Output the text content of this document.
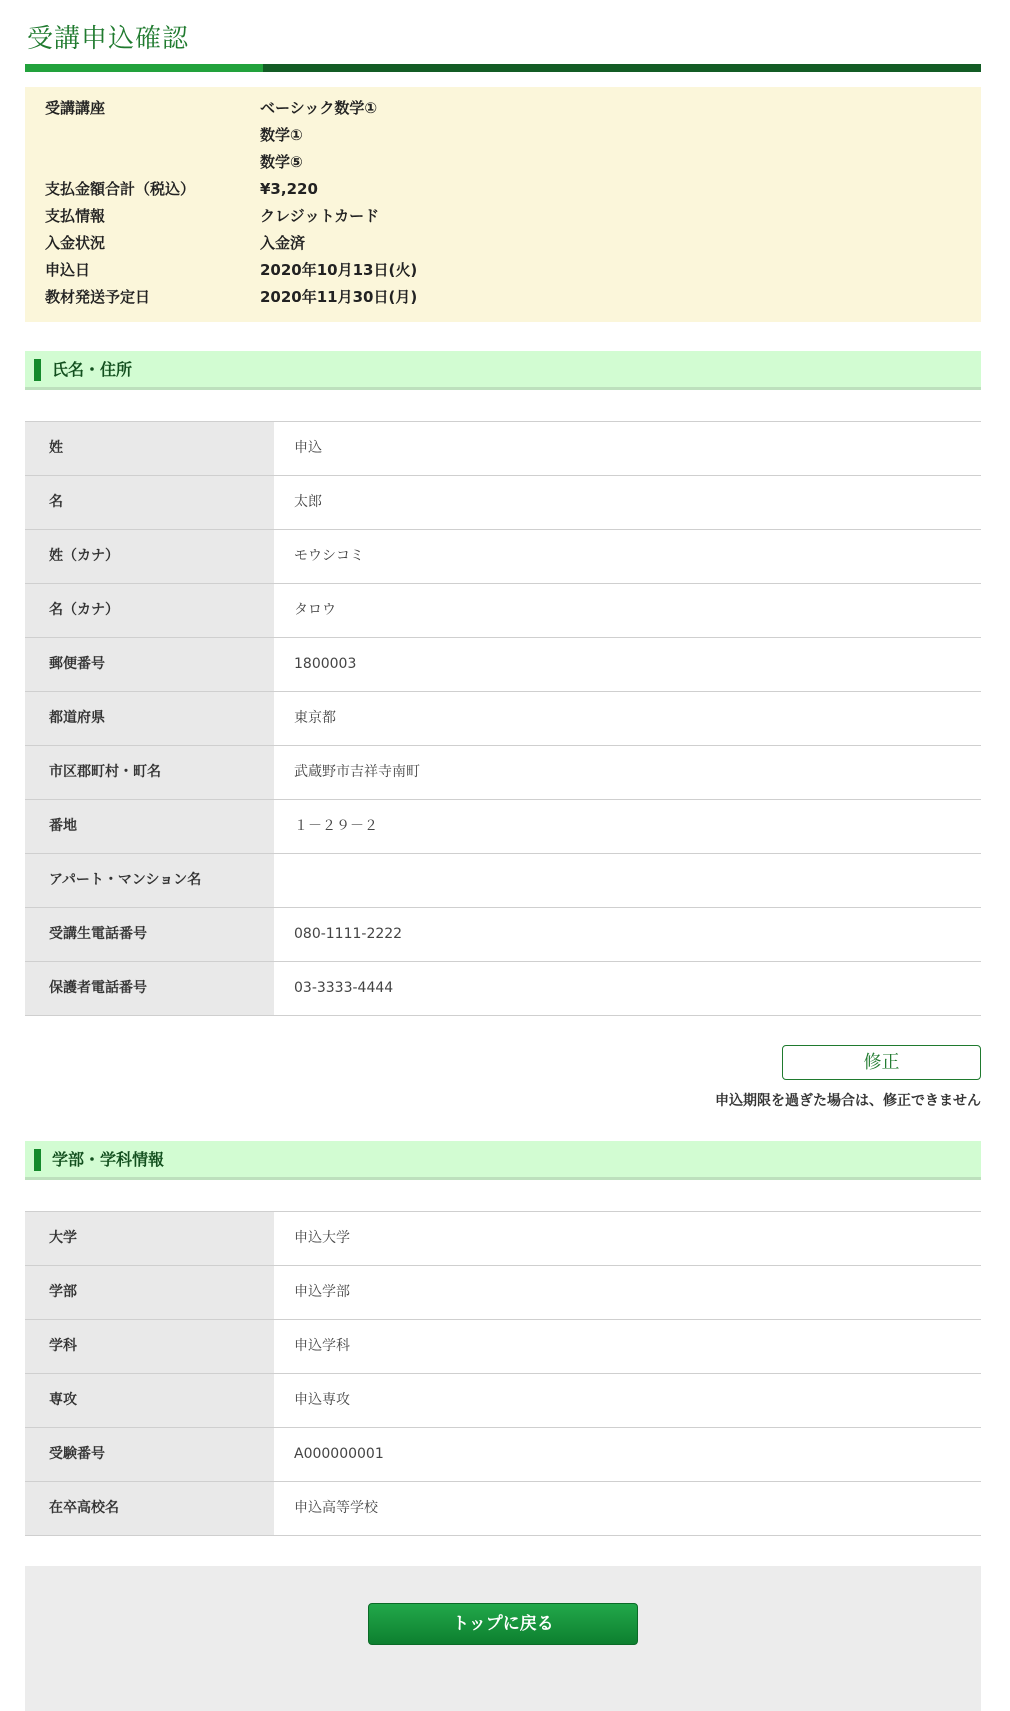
受講申込確認
受講講座	ベーシック数学①
数学①
数学⑤
支払金額合計（税込）	¥3,220
支払情報	クレジットカード
入金状況	入金済
申込日	2020年10月13日(火)
教材発送予定日	2020年11月30日(月)
氏名・住所
姓	申込
名	太郎
姓（カナ）	モウシコミ
名（カナ）	タロウ
郵便番号	1800003
都道府県	東京都
市区郡町村・町名	武蔵野市吉祥寺南町
番地	１－２９－２
アパート・マンション名
受講生電話番号	080-1111-2222
保護者電話番号	03-3333-4444
修正
申込期限を過ぎた場合は、修正できません
学部・学科情報
大学	申込大学
学部	申込学部
学科	申込学科
専攻	申込専攻
受験番号	A000000001
在卒高校名	申込高等学校
トップに戻る
